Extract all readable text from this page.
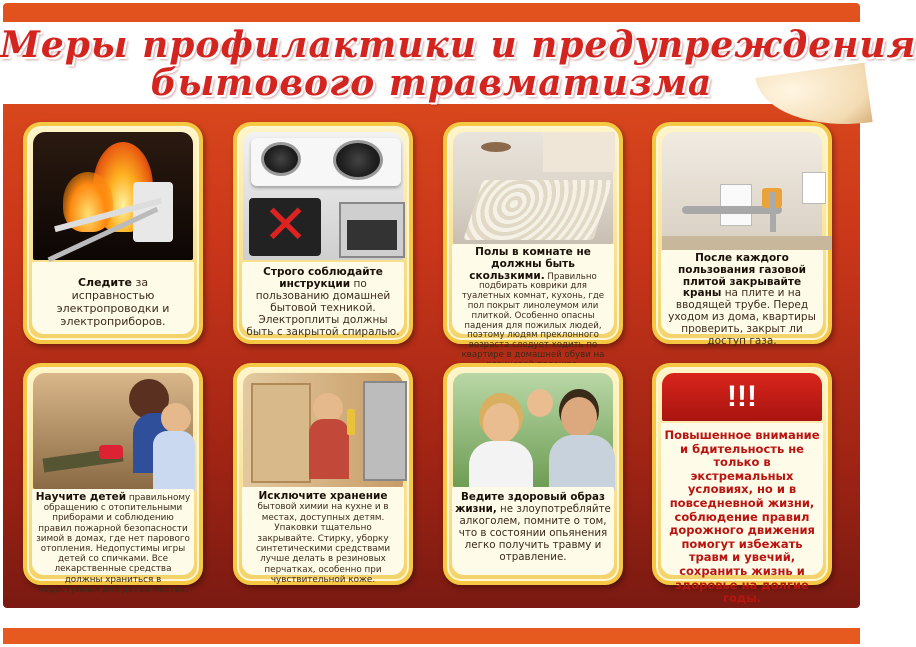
Меры профилактики и предупреждения
бытового травматизма
Следите за исправностью электропроводки и электроприборов.
✕
Строго соблюдайте инструкции по пользованию домашней бытовой техникой. Электроплиты должны быть с закрытой спиралью.
Полы в комнате не должны быть скользкими. Правильно подбирать коврики для туалетных комнат, кухонь, где пол покрыт линолеумом или плиткой. Особенно опасны падения для пожилых людей, поэтому людям преклонного возраста следует ходить по квартире в домашней обуви на
После каждого пользования газовой плитой закрывайте краны на плите и на вводящей трубе. Перед уходом из дома, квартиры проверить, закрыт ли доступ газа.
Научите детей правильному обращению с отопительными приборами и соблюдению правил пожарной безопасности зимой в домах, где нет парового отопления. Недопустимы игры детей со спичками. Все лекарственные средства должны храниться в недоступных для детей местах.
Исключите хранение бытовой химии на кухне и в местах, доступных детям. Упаковки тщательно закрывайте. Стирку, уборку синтетическими средствами лучше делать в резиновых перчатках, особенно при чувствительной коже.
Ведите здоровый образ жизни, не злоупотребляйте алкоголем, помните о том, что в состоянии опьянения легко получить травму и отравление.
!!!
Повышенное внимание и бдительность не только в экстремальных условиях, но и в повседневной жизни, соблюдение правил дорожного движения помогут избежать травм и увечий, сохранить жизнь и здоровье на долгие годы.
